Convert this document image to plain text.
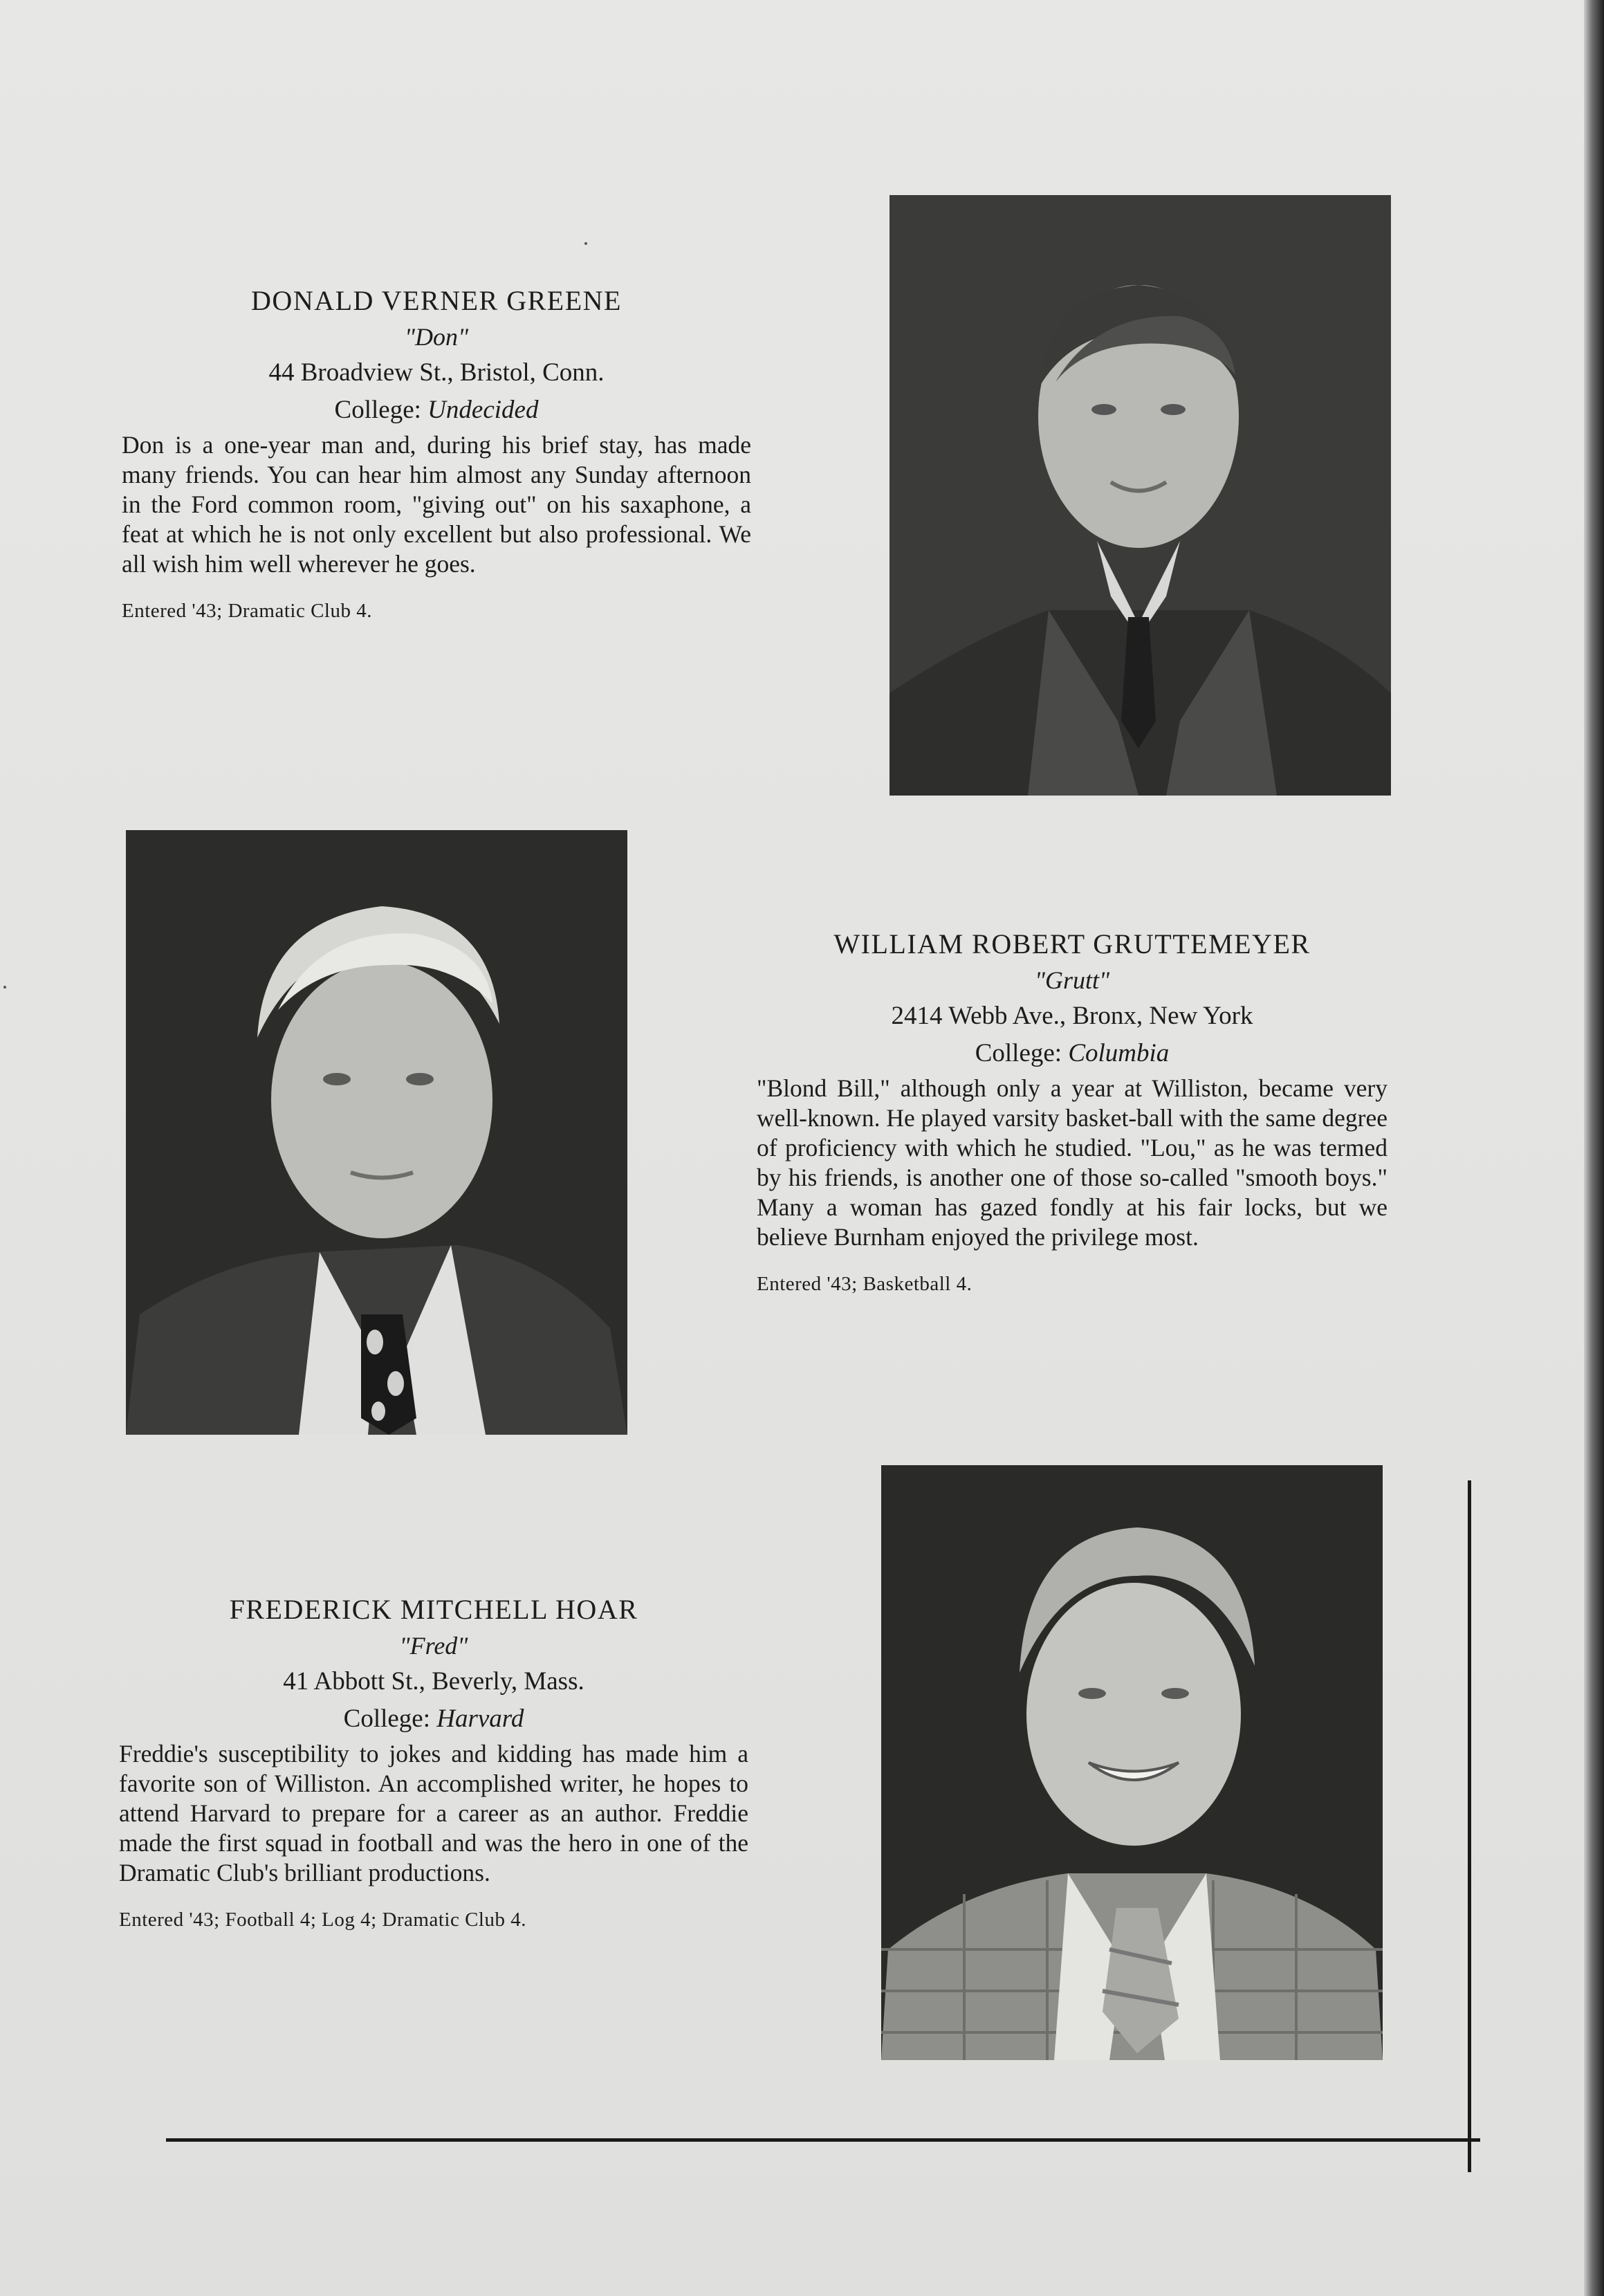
DONALD VERNER GREENE
"Don"
44 Broadview St., Bristol, Conn.
College: Undecided
Don is a one-year man and, during his brief stay, has made many friends. You can hear him almost any Sunday afternoon in the Ford common room, "giving out" on his saxaphone, a feat at which he is not only excellent but also professional. We all wish him well wherever he goes.
Entered '43; Dramatic Club 4.
WILLIAM ROBERT GRUTTEMEYER
"Grutt"
2414 Webb Ave., Bronx, New York
College: Columbia
"Blond Bill," although only a year at Williston, became very well-known. He played varsity basket-ball with the same degree of proficiency with which he studied. "Lou," as he was termed by his friends, is another one of those so-called "smooth boys." Many a woman has gazed fondly at his fair locks, but we believe Burnham enjoyed the privilege most.
Entered '43; Basketball 4.
FREDERICK MITCHELL HOAR
"Fred"
41 Abbott St., Beverly, Mass.
College: Harvard
Freddie's susceptibility to jokes and kidding has made him a favorite son of Williston. An accomplished writer, he hopes to attend Harvard to prepare for a career as an author. Freddie made the first squad in football and was the hero in one of the Dramatic Club's brilliant productions.
Entered '43; Football 4; Log 4; Dramatic Club 4.
